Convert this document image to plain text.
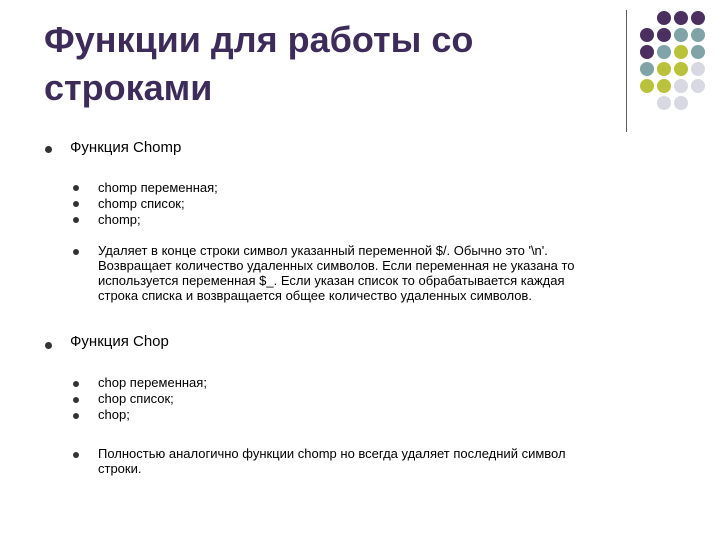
Функции для работы со
строками
Функция Chomp
chomp переменная;
chomp список;
chomp;
Удаляет в конце строки символ указанный переменной $/. Обычно это '\n'.
Возвращает количество удаленных символов. Если переменная не указана то
используется переменная $_. Если указан список то обрабатывается каждая
строка списка и возвращается общее количество удаленных символов.
Функция Chop
chop переменная;
chop список;
chop;
Полностью аналогично функции chomp но всегда удаляет последний символ
строки.
